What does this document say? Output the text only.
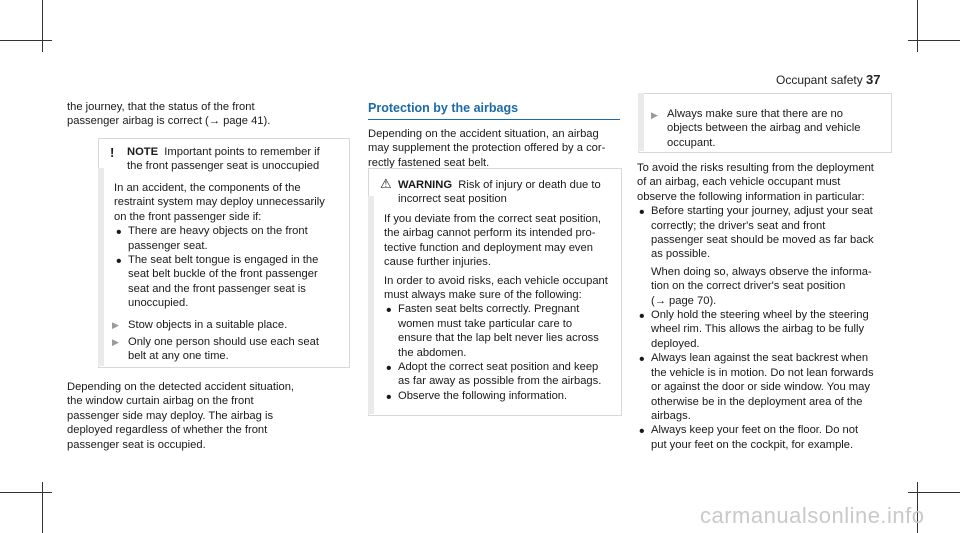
Occupant safety 37

the journey, that the status of the front

passenger airbag is correct (→ page 41).

! NOTE Important points to remember if

the front passenger seat is unoccupied

In an accident, the components of the

restraint system may deploy unnecessarily

on the front passenger side if:

• There are heavy objects on the front

passenger seat.

• The seat belt tongue is engaged in the

seat belt buckle of the front passenger

seat and the front passenger seat is

unoccupied.

▶ Stow objects in a suitable place.

▶ Only one person should use each seat

belt at any one time.

Depending on the detected accident situation,

the window curtain airbag on the front

passenger side may deploy. The airbag is

deployed regardless of whether the front

passenger seat is occupied.

Protection by the airbags

Depending on the accident situation, an airbag

may supplement the protection offered by a cor-

rectly fastened seat belt.

⚠ WARNING Risk of injury or death due to

incorrect seat position

If you deviate from the correct seat position,

the airbag cannot perform its intended pro-

tective function and deployment may even

cause further injuries.

In order to avoid risks, each vehicle occupant

must always make sure of the following:

• Fasten seat belts correctly. Pregnant

women must take particular care to

ensure that the lap belt never lies across

the abdomen.

• Adopt the correct seat position and keep

as far away as possible from the airbags.

• Observe the following information.

▶ Always make sure that there are no

objects between the airbag and vehicle

occupant.

To avoid the risks resulting from the deployment

of an airbag, each vehicle occupant must

observe the following information in particular:

• Before starting your journey, adjust your seat

correctly; the driver's seat and front

passenger seat should be moved as far back

as possible.

When doing so, always observe the informa-

tion on the correct driver's seat position

(→ page 70).

• Only hold the steering wheel by the steering

wheel rim. This allows the airbag to be fully

deployed.

• Always lean against the seat backrest when

the vehicle is in motion. Do not lean forwards

or against the door or side window. You may

otherwise be in the deployment area of the

airbags.

• Always keep your feet on the floor. Do not

put your feet on the cockpit, for example.

carmanualsonline.info
